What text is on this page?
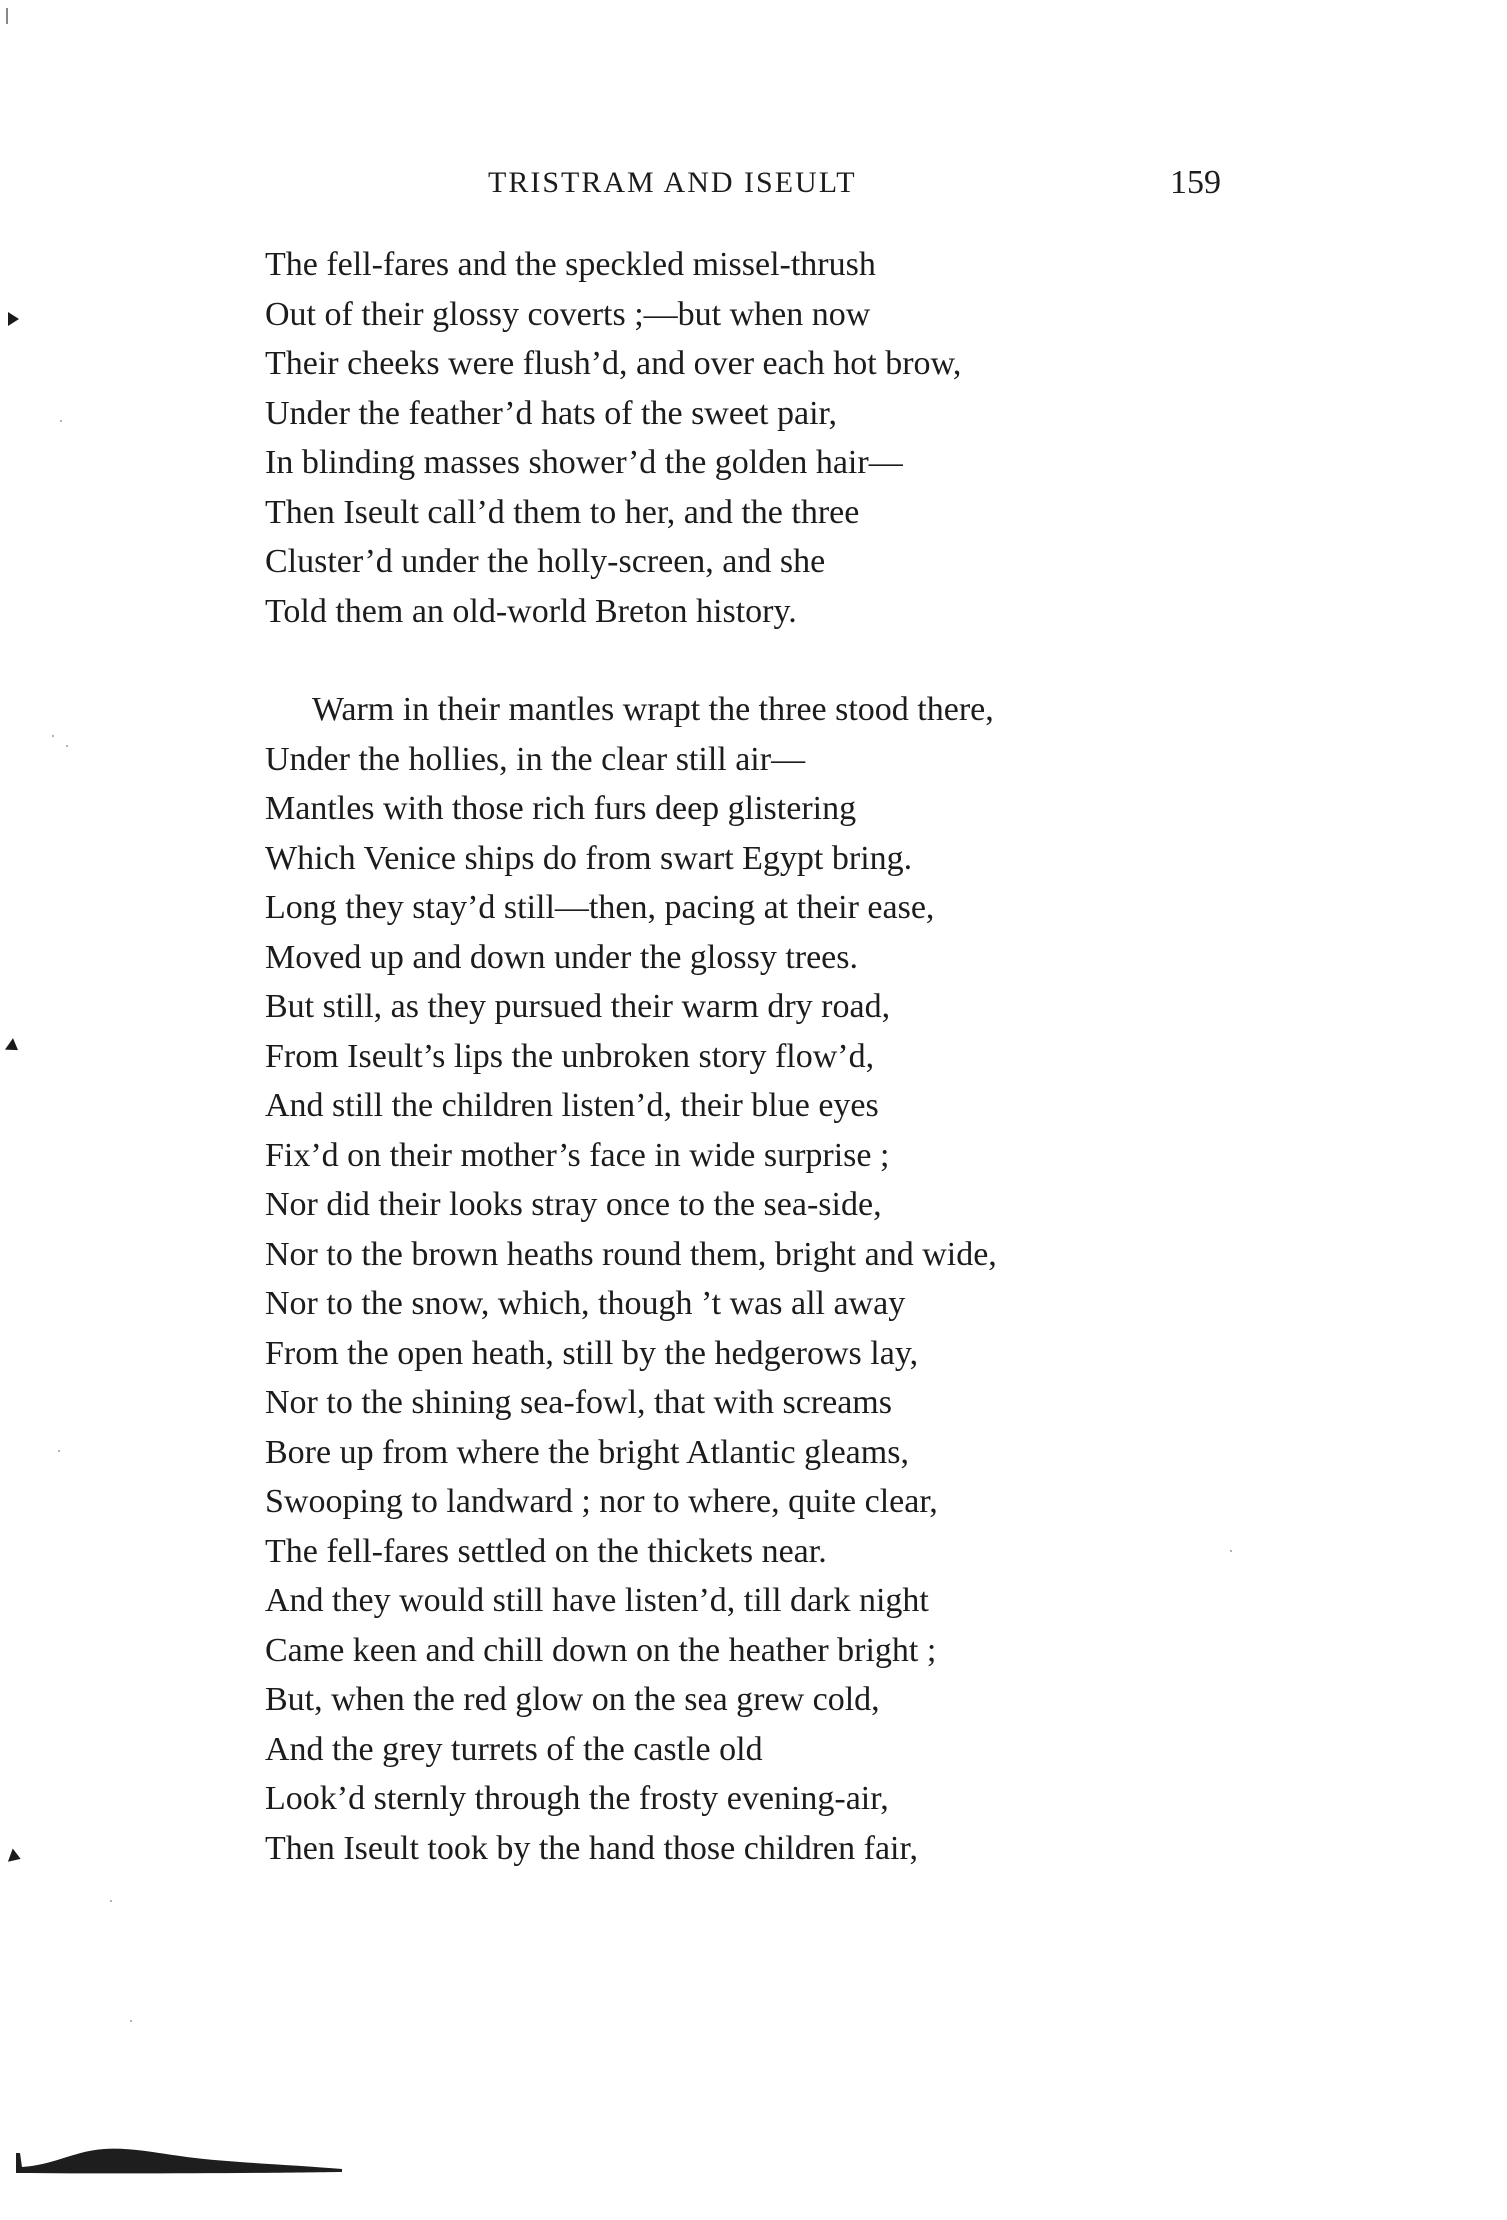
TRISTRAM AND ISEULT	159
The fell-fares and the speckled missel-thrush
Out of their glossy coverts ;—but when now
Their cheeks were flush’d, and over each hot brow,
Under the feather’d hats of the sweet pair,
In blinding masses shower’d the golden hair—
Then Iseult call’d them to her, and the three
Cluster’d under the holly-screen, and she
Told them an old-world Breton history.
Warm in their mantles wrapt the three stood there,
Under the hollies, in the clear still air—
Mantles with those rich furs deep glistering
Which Venice ships do from swart Egypt bring.
Long they stay’d still—then, pacing at their ease,
Moved up and down under the glossy trees.
But still, as they pursued their warm dry road,
From Iseult’s lips the unbroken story flow’d,
And still the children listen’d, their blue eyes
Fix’d on their mother’s face in wide surprise ;
Nor did their looks stray once to the sea-side,
Nor to the brown heaths round them, bright and wide,
Nor to the snow, which, though ’t was all away
From the open heath, still by the hedgerows lay,
Nor to the shining sea-fowl, that with screams
Bore up from where the bright Atlantic gleams,
Swooping to landward ; nor to where, quite clear,
The fell-fares settled on the thickets near.
And they would still have listen’d, till dark night
Came keen and chill down on the heather bright ;
But, when the red glow on the sea grew cold,
And the grey turrets of the castle old
Look’d sternly through the frosty evening-air,
Then Iseult took by the hand those children fair,
